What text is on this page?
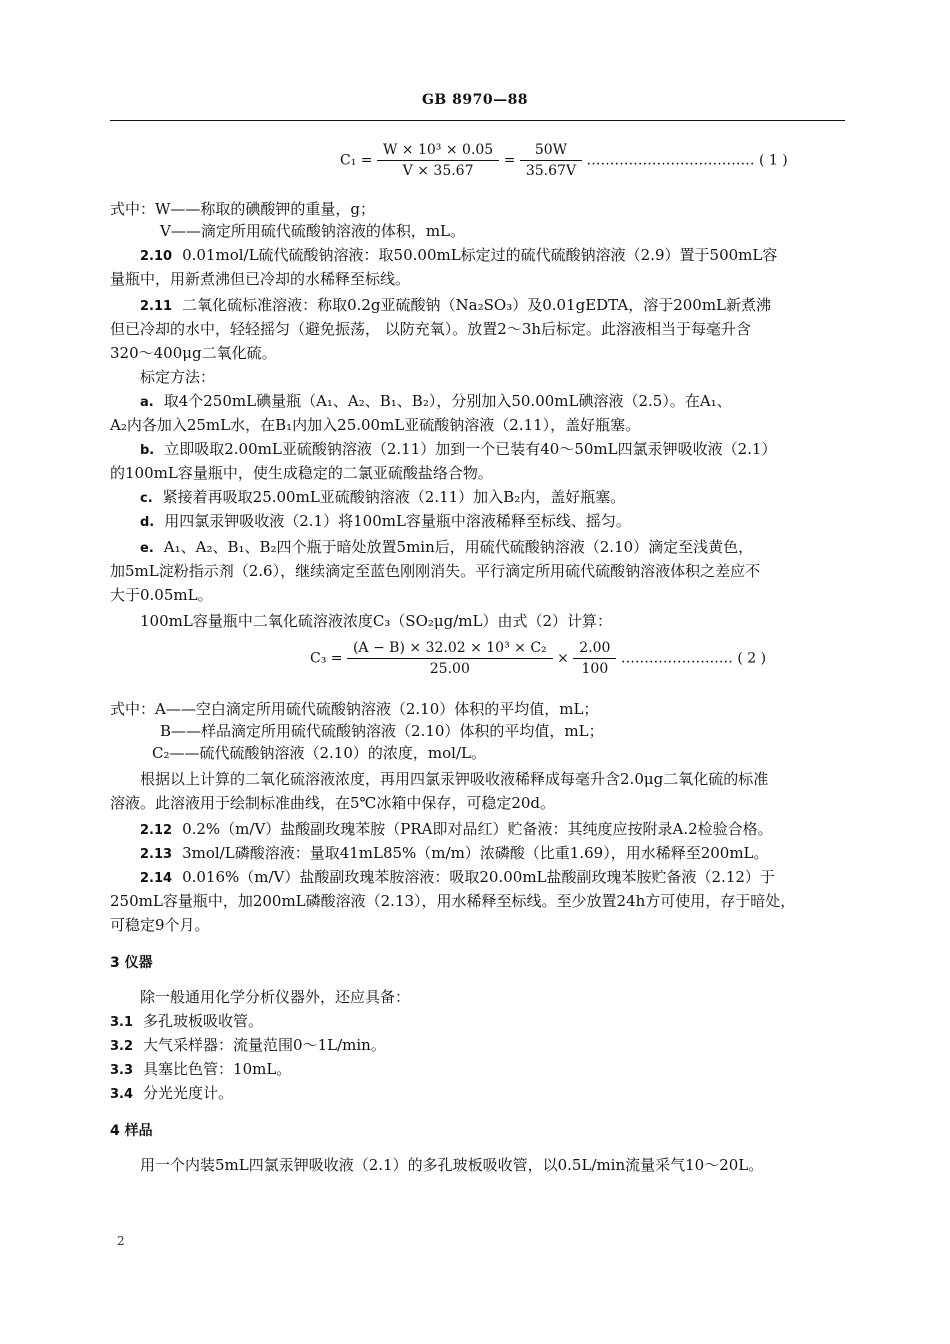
GB 8970—88
$C_1 = \frac{\text{W × 10³ × 0.05}}{V \times 35.67} = \frac{50W}{35.67V}$ ……………………………… ( 1 )
式中：W——称取的碘酸钾的重量，g；
V——滴定所用硫代硫酸钠溶液的体积，mL。
2.10 0.01mol/L硫代硫酸钠溶液：取50.00mL标定过的硫代硫酸钠溶液（2.9）置于500mL容
量瓶中，用新煮沸但已冷却的水稀释至标线。
2.11 二氧化硫标准溶液：称取0.2g亚硫酸钠（Na₂SO₃）及0.01gEDTA，溶于200mL新煮沸
但已冷却的水中，轻轻摇匀（避免振荡， 以防充氧）。放置2～3h后标定。此溶液相当于每毫升含
320～400μg二氧化硫。
标定方法：
a. 取4个250mL碘量瓶（A₁、A₂、B₁、B₂），分别加入50.00mL碘溶液（2.5）。在A₁、
A₂内各加入25mL水，在B₁内加入25.00mL亚硫酸钠溶液（2.11），盖好瓶塞。
b. 立即吸取2.00mL亚硫酸钠溶液（2.11）加到一个已装有40～50mL四氯汞钾吸收液（2.1）
的100mL容量瓶中，使生成稳定的二氯亚硫酸盐络合物。
c. 紧接着再吸取25.00mL亚硫酸钠溶液（2.11）加入B₂内，盖好瓶塞。
d. 用四氯汞钾吸收液（2.1）将100mL容量瓶中溶液稀释至标线、摇匀。
e. A₁、A₂、B₁、B₂四个瓶于暗处放置5min后，用硫代硫酸钠溶液（2.10）滴定至浅黄色，
加5mL淀粉指示剂（2.6），继续滴定至蓝色刚刚消失。平行滴定所用硫代硫酸钠溶液体积之差应不
大于0.05mL。
100mL容量瓶中二氧化硫溶液浓度C₃（SO₂μg/mL）由式（2）计算：
$C_3 = \frac{\text{(A − B) × 32.02 × 10³ × C₂}}{25.00} \times \frac{2.00}{100}$ …………………… ( 2 )
式中：A——空白滴定所用硫代硫酸钠溶液（2.10）体积的平均值，mL；
B——样品滴定所用硫代硫酸钠溶液（2.10）体积的平均值，mL；
C₂——硫代硫酸钠溶液（2.10）的浓度，mol/L。
根据以上计算的二氧化硫溶液浓度，再用四氯汞钾吸收液稀释成每毫升含2.0μg二氧化硫的标准
溶液。此溶液用于绘制标准曲线，在5℃冰箱中保存，可稳定20d。
2.12 0.2%（m/V）盐酸副玫瑰苯胺（PRA即对品红）贮备液：其纯度应按附录A.2检验合格。
2.13 3mol/L磷酸溶液：量取41mL85%（m/m）浓磷酸（比重1.69），用水稀释至200mL。
2.14 0.016%（m/V）盐酸副玫瑰苯胺溶液：吸取20.00mL盐酸副玫瑰苯胺贮备液（2.12）于
250mL容量瓶中，加200mL磷酸溶液（2.13），用水稀释至标线。至少放置24h方可使用，存于暗处，
可稳定9个月。
3 仪器
除一般通用化学分析仪器外，还应具备：
3.1 多孔玻板吸收管。
3.2 大气采样器：流量范围0～1L/min。
3.3 具塞比色管：10mL。
3.4 分光光度计。
4 样品
用一个内装5mL四氯汞钾吸收液（2.1）的多孔玻板吸收管，以0.5L/min流量采气10～20L。
2
